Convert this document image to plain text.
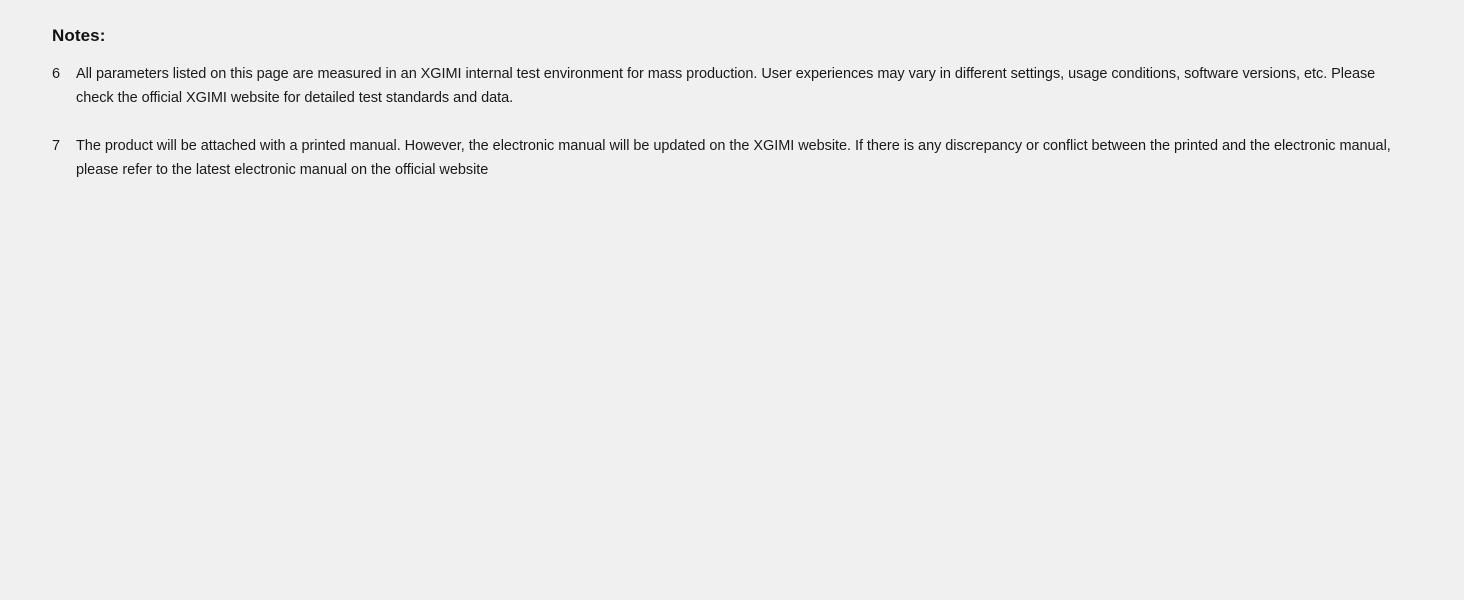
Notes:
6	All parameters listed on this page are measured in an XGIMI internal test environment for mass production. User experiences may vary in different settings, usage conditions, software versions, etc. Please check the official XGIMI website for detailed test standards and data.
7	The product will be attached with a printed manual. However, the electronic manual will be updated on the XGIMI website. If there is any discrepancy or conflict between the printed and the electronic manual, please refer to the latest electronic manual on the official website
